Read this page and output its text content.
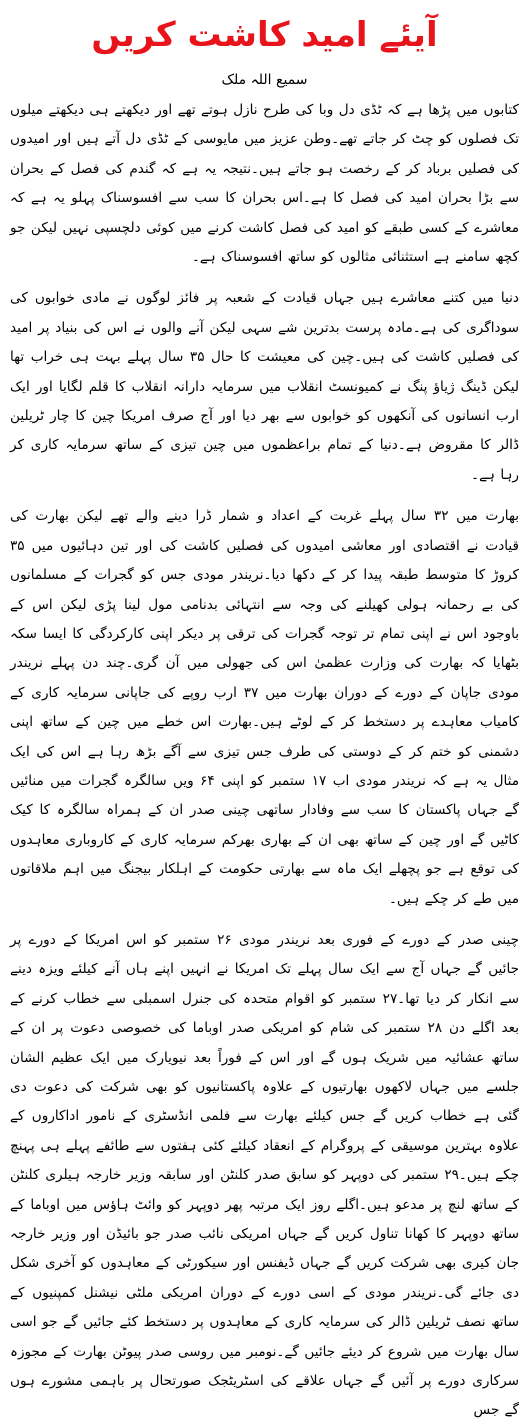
آیئے امید کاشت کریں
سمیع اللہ ملک

کتابوں میں پڑھا ہے کہ ٹڈی دل وبا کی طرح نازل ہوتے تھے اور دیکھتے ہی دیکھتے میلوں تک فصلوں کو چٹ کر جاتے تھے۔وطن عزیز میں مایوسی کے ٹڈی دل آتے ہیں اور امیدوں کی فصلیں برباد کر کے رخصت ہو جاتے ہیں۔نتیجہ یہ ہے کہ گندم کی فصل کے بحران سے بڑا بحران امید کی فصل کا ہے۔اس بحران کا سب سے افسوسناک پہلو یہ ہے کہ معاشرے کے کسی طبقے کو امید کی فصل کاشت کرنے میں کوئی دلچسپی نہیں لیکن جو کچھ سامنے ہے استثنائی مثالوں کو ساتھ افسوسناک ہے۔

دنیا میں کتنے معاشرے ہیں جہاں قیادت کے شعبہ پر فائز لوگوں نے مادی خوابوں کی سوداگری کی ہے۔مادہ پرست بدترین شے سہی لیکن آنے والوں نے اس کی بنیاد پر امید کی فصلیں کاشت کی ہیں۔چین کی معیشت کا حال ۳۵ سال پہلے بہت ہی خراب تھا لیکن ڈینگ ژیاؤ پنگ نے کمیونسٹ انقلاب میں سرمایہ دارانہ انقلاب کا قلم لگایا اور ایک ارب انسانوں کی آنکھوں کو خوابوں سے بھر دیا اور آج صرف امریکا چین کا چار ٹریلین ڈالر کا مقروض ہے۔دنیا کے تمام براعظموں میں چین تیزی کے ساتھ سرمایہ کاری کر رہا ہے۔

بھارت میں ۳۲ سال پہلے غربت کے اعداد و شمار ڈرا دینے والے تھے لیکن بھارت کی قیادت نے اقتصادی اور معاشی امیدوں کی فصلیں کاشت کی اور تین دہائیوں میں ۳۵ کروڑ کا متوسط طبقہ پیدا کر کے دکھا دیا۔نریندر مودی جس کو گجرات کے مسلمانوں کی بے رحمانہ ہولی کھیلنے کی وجہ سے انتہائی بدنامی مول لینا پڑی لیکن اس کے باوجود اس نے اپنی تمام تر توجہ گجرات کی ترقی پر دیکر اپنی کارکردگی کا ایسا سکہ بٹھایا کہ بھارت کی وزارت عظمیٰ اس کی جھولی میں آن گری۔چند دن پہلے نریندر مودی جاپان کے دورے کے دوران بھارت میں ۳۷ ارب روپے کی جاپانی سرمایہ کاری کے کامیاب معاہدے پر دستخط کر کے لوٹے ہیں۔بھارت اس خطے میں چین کے ساتھ اپنی دشمنی کو ختم کر کے دوستی کی طرف جس تیزی سے آگے بڑھ رہا ہے اس کی ایک مثال یہ ہے کہ نریندر مودی اب ۱۷ ستمبر کو اپنی ۶۴ ویں سالگرہ گجرات میں منائیں گے جہاں پاکستان کا سب سے وفادار ساتھی چینی صدر ان کے ہمراہ سالگرہ کا کیک کاٹیں گے اور چین کے ساتھ بھی ان کے بھاری بھرکم سرمایہ کاری کے کاروباری معاہدوں کی توقع ہے جو پچھلے ایک ماہ سے بھارتی حکومت کے اہلکار بیجنگ میں اہم ملاقاتوں میں طے کر چکے ہیں۔

چینی صدر کے دورے کے فوری بعد نریندر مودی ۲۶ ستمبر کو اس امریکا کے دورے پر جائیں گے جہاں آج سے ایک سال پہلے تک امریکا نے انہیں اپنے ہاں آنے کیلئے ویزہ دینے سے انکار کر دیا تھا۔۲۷ ستمبر کو اقوام متحدہ کی جنرل اسمبلی سے خطاب کرنے کے بعد اگلے دن ۲۸ ستمبر کی شام کو امریکی صدر اوباما کی خصوصی دعوت پر ان کے ساتھ عشائیہ میں شریک ہوں گے اور اس کے فوراً بعد نیویارک میں ایک عظیم الشان جلسے میں جہاں لاکھوں بھارتیوں کے علاوہ پاکستانیوں کو بھی شرکت کی دعوت دی گئی ہے خطاب کریں گے جس کیلئے بھارت سے فلمی انڈسٹری کے نامور اداکاروں کے علاوہ بہترین موسیقی کے پروگرام کے انعقاد کیلئے کئی ہفتوں سے طائفے پہلے ہی پہنچ چکے ہیں۔۲۹ ستمبر کی دوپہر کو سابق صدر کلنٹن اور سابقہ وزیر خارجہ ہیلری کلنٹن کے ساتھ لنچ پر مدعو ہیں۔اگلے روز ایک مرتبہ پھر دوپہر کو وائٹ ہاؤس میں اوباما کے ساتھ دوپہر کا کھانا تناول کریں گے جہاں امریکی نائب صدر جو بائیڈن اور وزیر خارجہ جان کیری بھی شرکت کریں گے جہاں ڈیفنس اور سیکورٹی کے معاہدوں کو آخری شکل دی جائے گی۔نریندر مودی کے اسی دورے کے دوران امریکی ملٹی نیشنل کمپنیوں کے ساتھ نصف ٹریلین ڈالر کی سرمایہ کاری کے معاہدوں پر دستخط کئے جائیں گے جو اسی سال بھارت میں شروع کر دیئے جائیں گے۔نومبر میں روسی صدر پیوٹن بھارت کے مجوزہ سرکاری دورے پر آئیں گے جہاں علاقے کی اسٹریٹجک صورتحال پر باہمی مشورے ہوں گے جس
